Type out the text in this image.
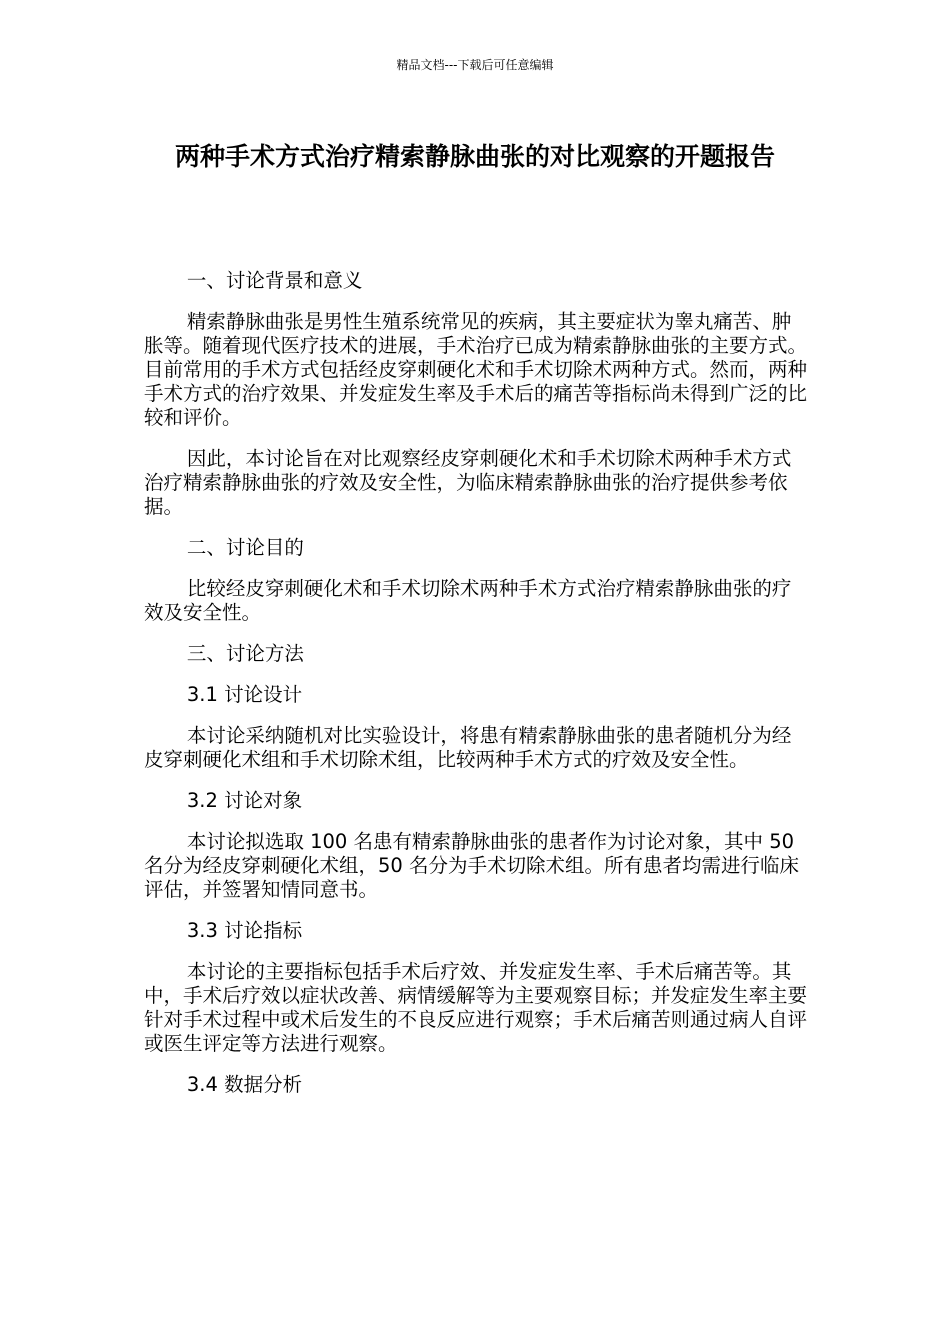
精品文档---下载后可任意编辑
两种手术方式治疗精索静脉曲张的对比观察的开题报告

一、讨论背景和意义

精索静脉曲张是男性生殖系统常见的疾病，其主要症状为睾丸痛苦、肿胀等。随着现代医疗技术的进展，手术治疗已成为精索静脉曲张的主要方式。目前常用的手术方式包括经皮穿刺硬化术和手术切除术两种方式。然而，两种手术方式的治疗效果、并发症发生率及手术后的痛苦等指标尚未得到广泛的比较和评价。

因此，本讨论旨在对比观察经皮穿刺硬化术和手术切除术两种手术方式治疗精索静脉曲张的疗效及安全性，为临床精索静脉曲张的治疗提供参考依据。

二、讨论目的

比较经皮穿刺硬化术和手术切除术两种手术方式治疗精索静脉曲张的疗效及安全性。

三、讨论方法

3.1 讨论设计

本讨论采纳随机对比实验设计，将患有精索静脉曲张的患者随机分为经皮穿刺硬化术组和手术切除术组，比较两种手术方式的疗效及安全性。

3.2 讨论对象

本讨论拟选取 100 名患有精索静脉曲张的患者作为讨论对象，其中 50 名分为经皮穿刺硬化术组，50 名分为手术切除术组。所有患者均需进行临床评估，并签署知情同意书。

3.3 讨论指标

本讨论的主要指标包括手术后疗效、并发症发生率、手术后痛苦等。其中，手术后疗效以症状改善、病情缓解等为主要观察目标；并发症发生率主要针对手术过程中或术后发生的不良反应进行观察；手术后痛苦则通过病人自评或医生评定等方法进行观察。

3.4 数据分析
